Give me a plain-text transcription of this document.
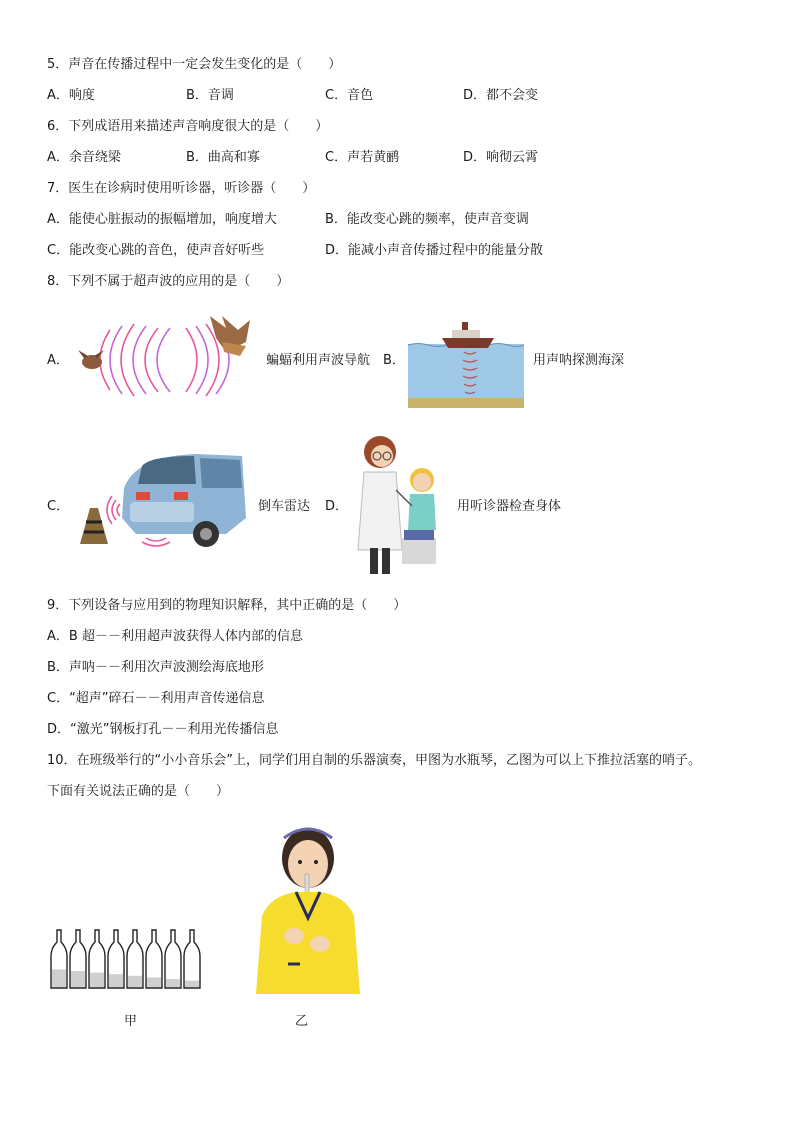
5．声音在传播过程中一定会发生变化的是（　　）
A．响度	B．音调	C．音色	D．都不会变
6．下列成语用来描述声音响度很大的是（　　）
A．余音绕梁	B．曲高和寡	C．声若黄鹂	D．响彻云霄
7．医生在诊病时使用听诊器，听诊器（　　）
A．能使心脏振动的振幅增加，响度增大	B．能改变心跳的频率，使声音变调
C．能改变心跳的音色，使声音好听些	D．能减小声音传播过程中的能量分散
8．下列不属于超声波的应用的是（　　）
A．	蝙蝠利用声波导航 B．	用声呐探测海深
C．	倒车雷达 D．	用听诊器检查身体
9．下列设备与应用到的物理知识解释，其中正确的是（　　）
A．B 超－－利用超声波获得人体内部的信息
B．声呐－－利用次声波测绘海底地形
C．“超声”碎石－－利用声音传递信息
D．“激光”钢板打孔－－利用光传播信息
10．在班级举行的“小小音乐会”上，同学们用自制的乐器演奏，甲图为水瓶琴，乙图为可以上下推拉活塞的哨子。
下面有关说法正确的是（　　）
甲	乙
